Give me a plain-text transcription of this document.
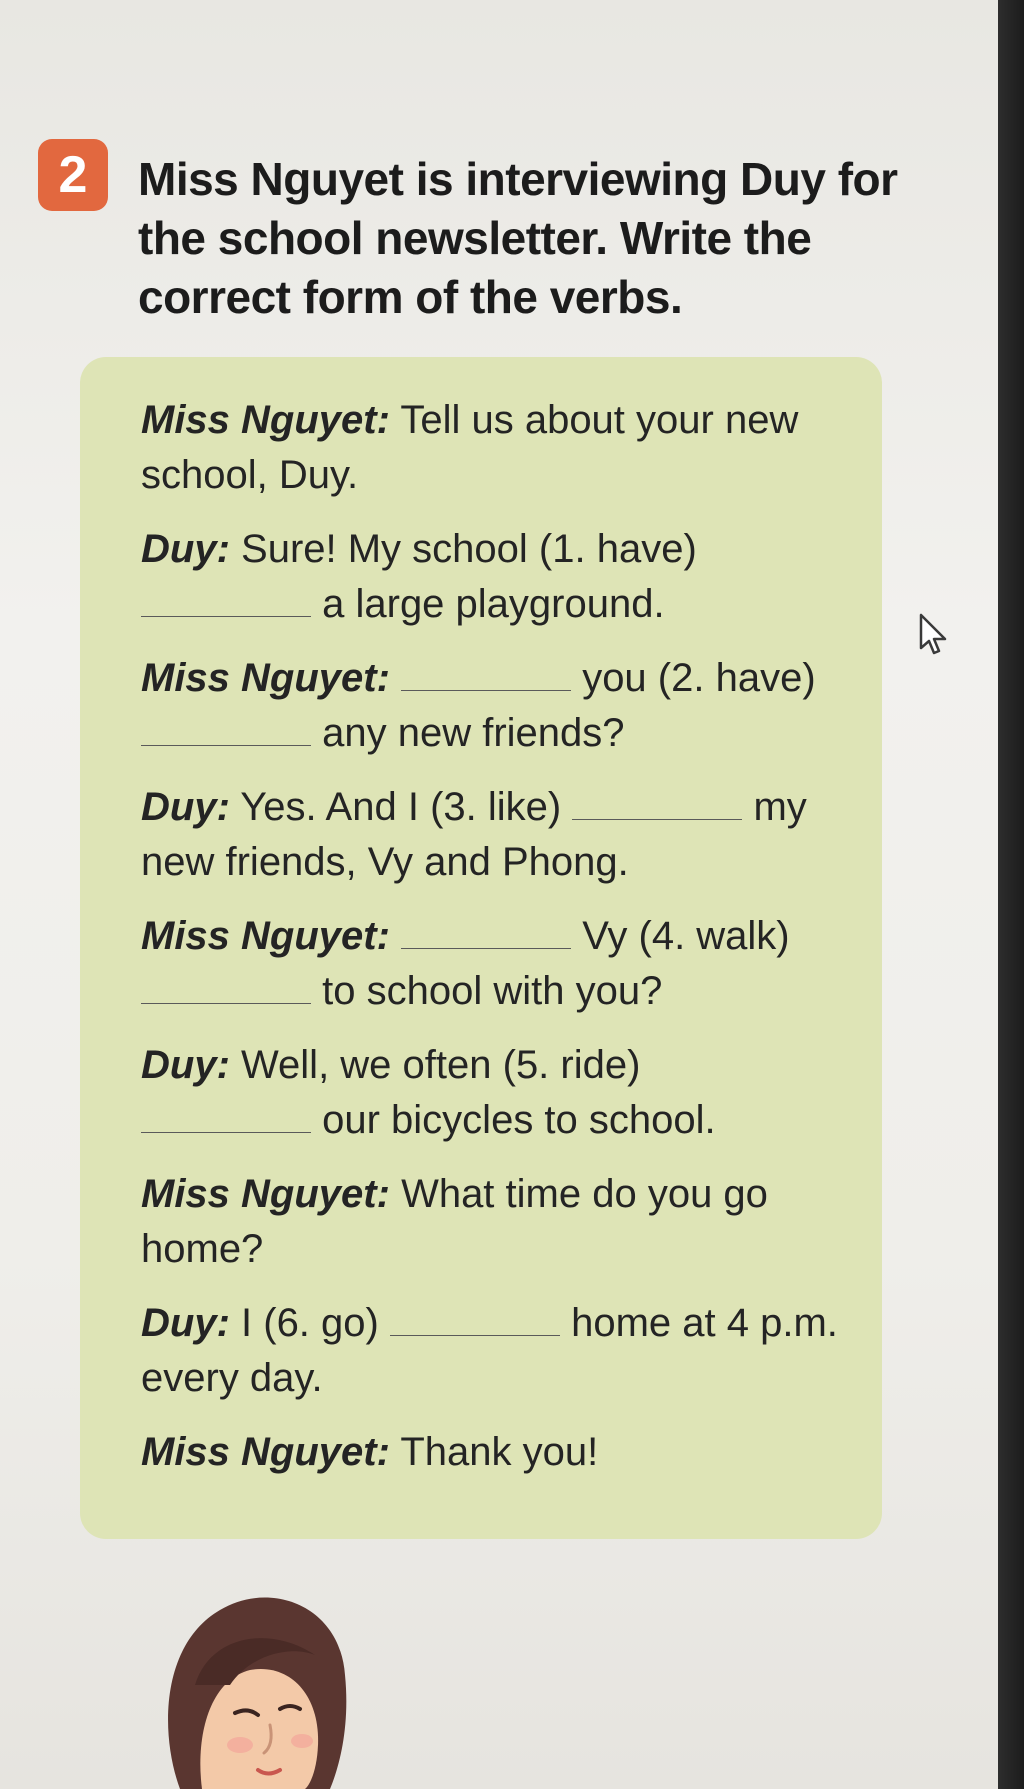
2	Miss Nguyet is interviewing Duy for the school newsletter. Write the correct form of the verbs.

Miss Nguyet: Tell us about your new school, Duy.

Duy: Sure! My school (1. have)
a large playground.

Miss Nguyet:	you (2. have)  any new friends?

Duy: Yes. And I (3. like)	my new friends, Vy and Phong.

Miss Nguyet:	Vy (4. walk)
to school with you?

Duy: Well, we often (5. ride)
our bicycles to school.

Miss Nguyet: What time do you go home?

Duy: I (6. go)	home at 4 p.m. every day.

Miss Nguyet: Thank you!
